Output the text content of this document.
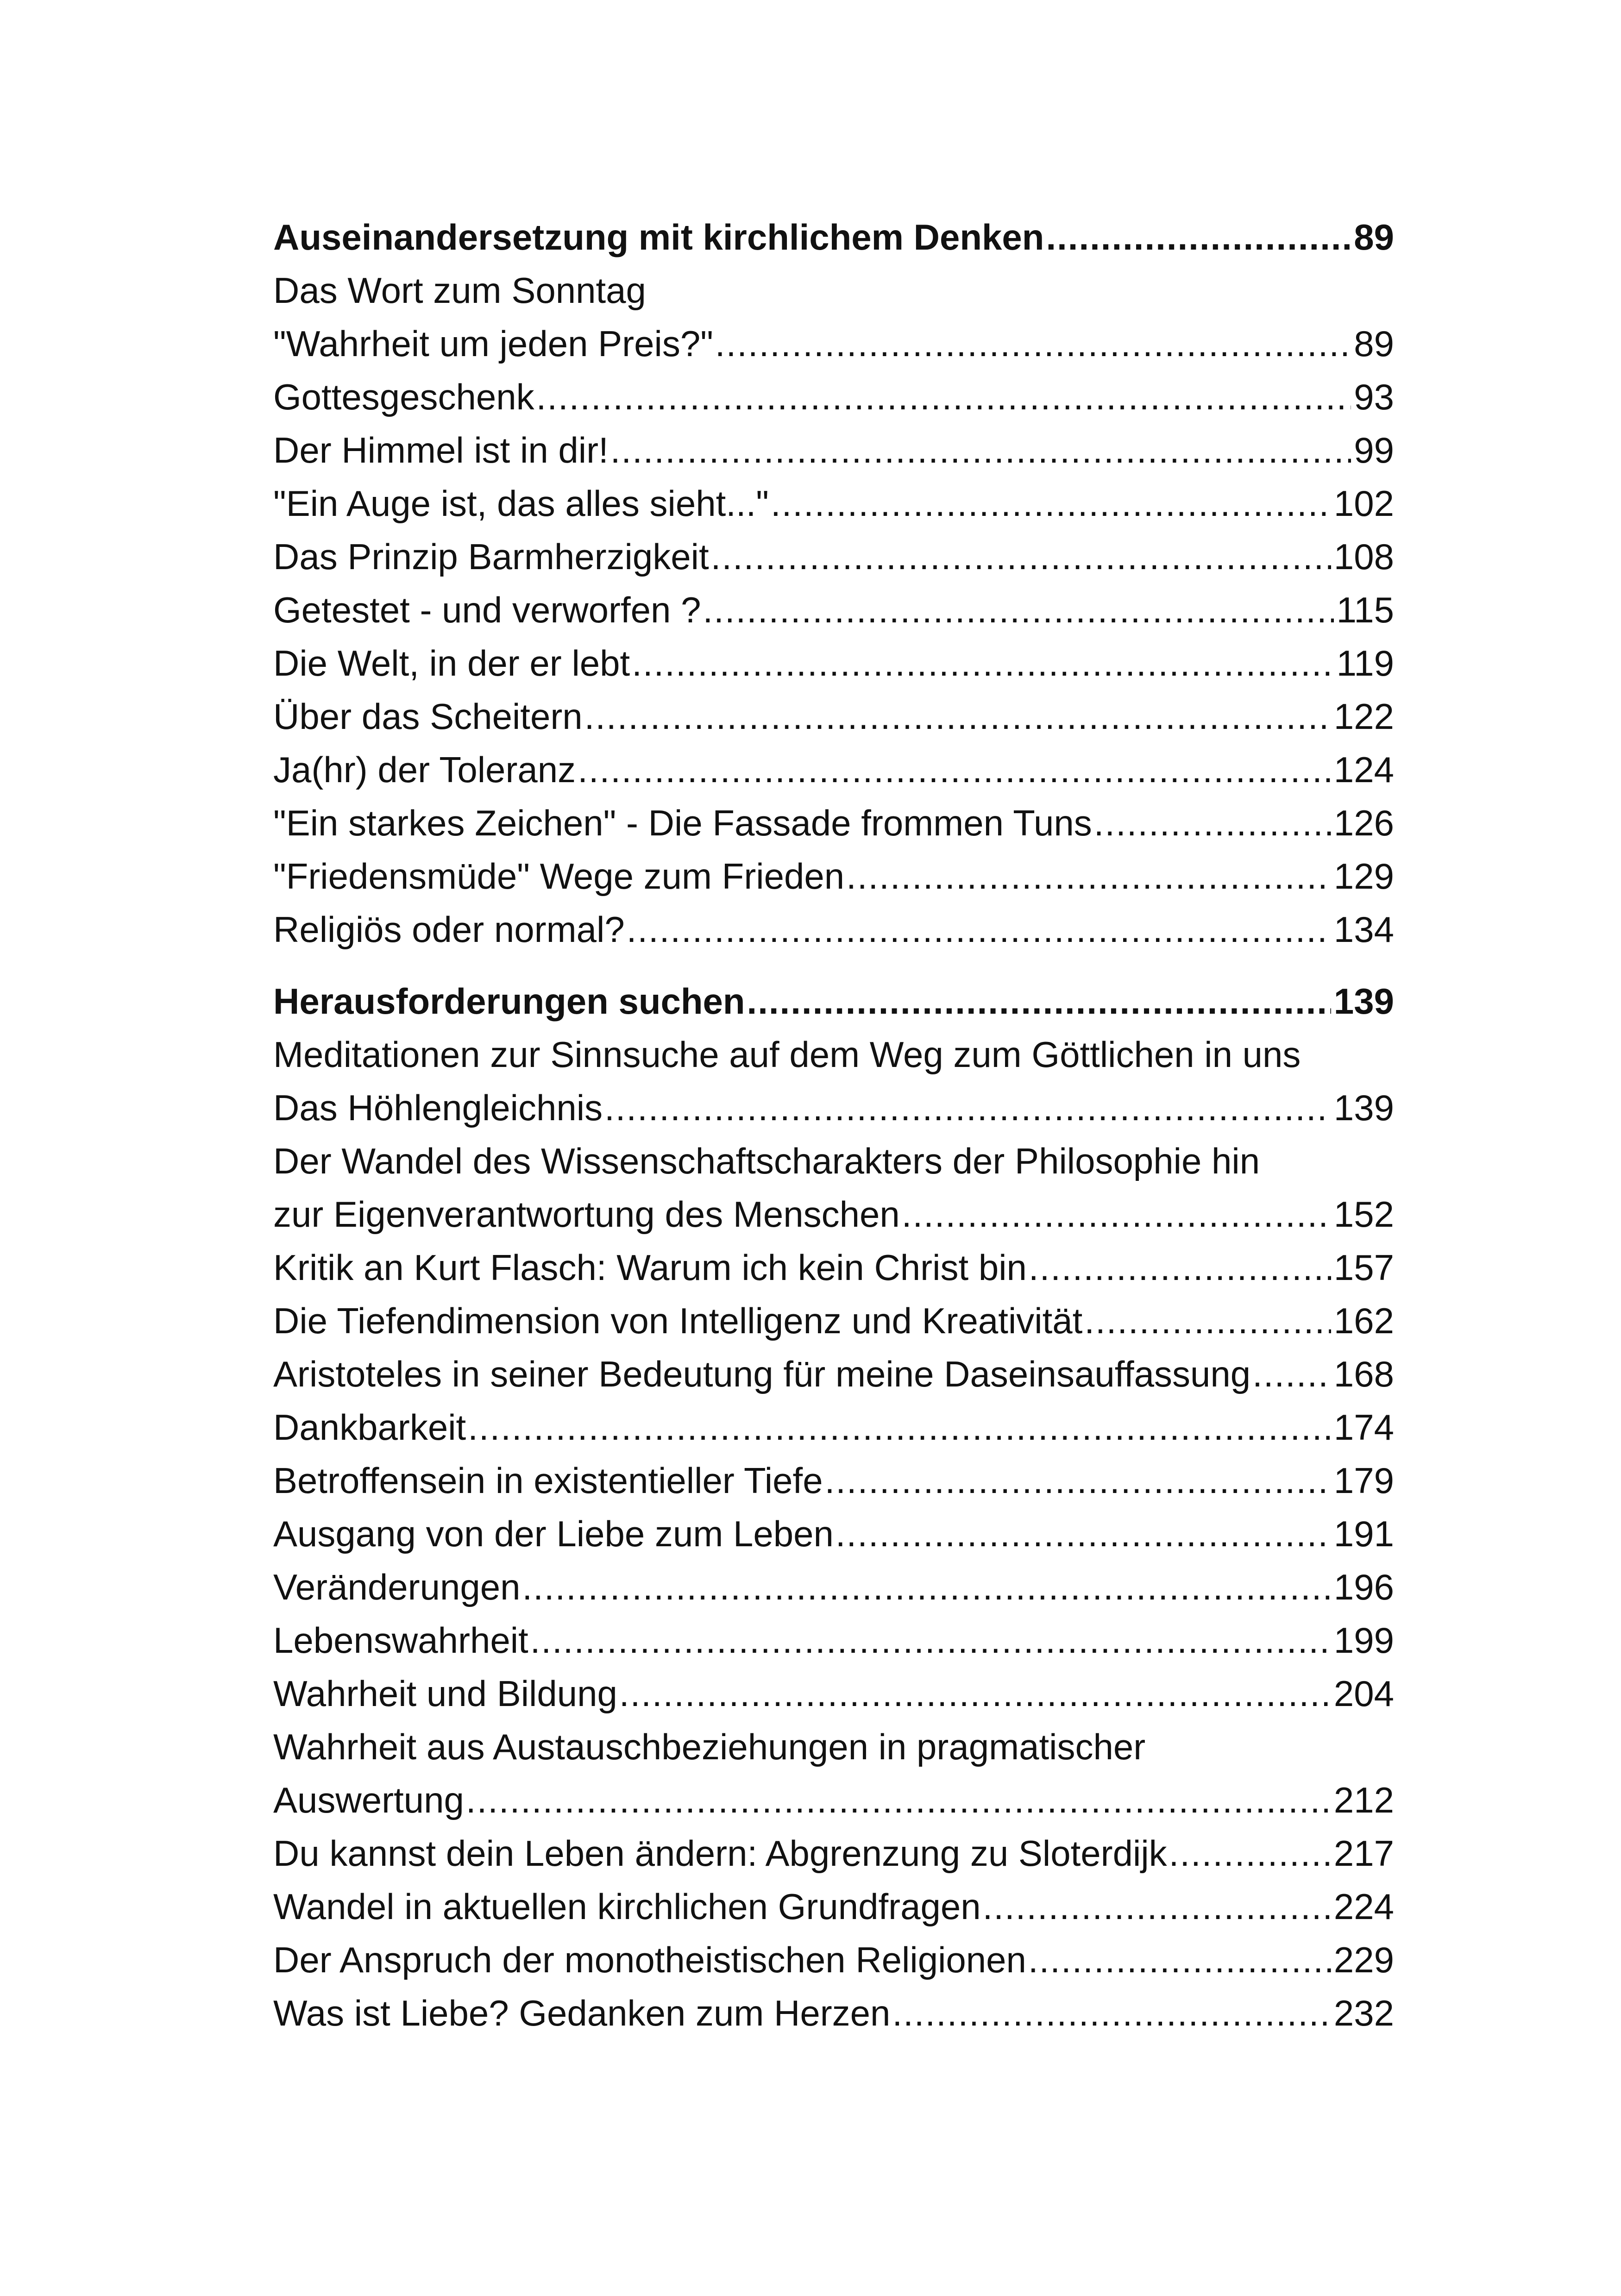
Auseinandersetzung mit kirchlichem Denken .....	89
Das Wort zum Sonntag
"Wahrheit um jeden Preis?" .....	89
Gottesgeschenk .....	93
Der Himmel ist in dir! .....	99
"Ein Auge ist, das alles sieht..." .....	102
Das Prinzip Barmherzigkeit .....	108
Getestet - und verworfen ? .....	115
Die Welt, in der er lebt .....	119
Über das Scheitern .....	122
Ja(hr) der Toleranz .....	124
"Ein starkes Zeichen" - Die Fassade frommen Tuns .....	126
"Friedensmüde" Wege zum Frieden .....	129
Religiös oder normal? .....	134
Herausforderungen suchen .....	139
Meditationen zur Sinnsuche auf dem Weg zum Göttlichen in uns
Das Höhlengleichnis .....	139
Der Wandel des Wissenschaftscharakters der Philosophie hin
zur Eigenverantwortung des Menschen .....	152
Kritik an Kurt Flasch: Warum ich kein Christ bin .....	157
Die Tiefendimension von Intelligenz und Kreativität .....	162
Aristoteles in seiner Bedeutung für meine Daseinsauffassung ..... 168
Dankbarkeit .....	174
Betroffensein in existentieller Tiefe .....	179
Ausgang von der Liebe zum Leben .....	191
Veränderungen .....	196
Lebenswahrheit .....	199
Wahrheit und Bildung .....	204
Wahrheit aus Austauschbeziehungen in pragmatischer
Auswertung .....	212
Du kannst dein Leben ändern: Abgrenzung zu Sloterdijk .....	217
Wandel in aktuellen kirchlichen Grundfragen .....	224
Der Anspruch der monotheistischen Religionen .....	229
Was ist Liebe? Gedanken zum Herzen .....	232
